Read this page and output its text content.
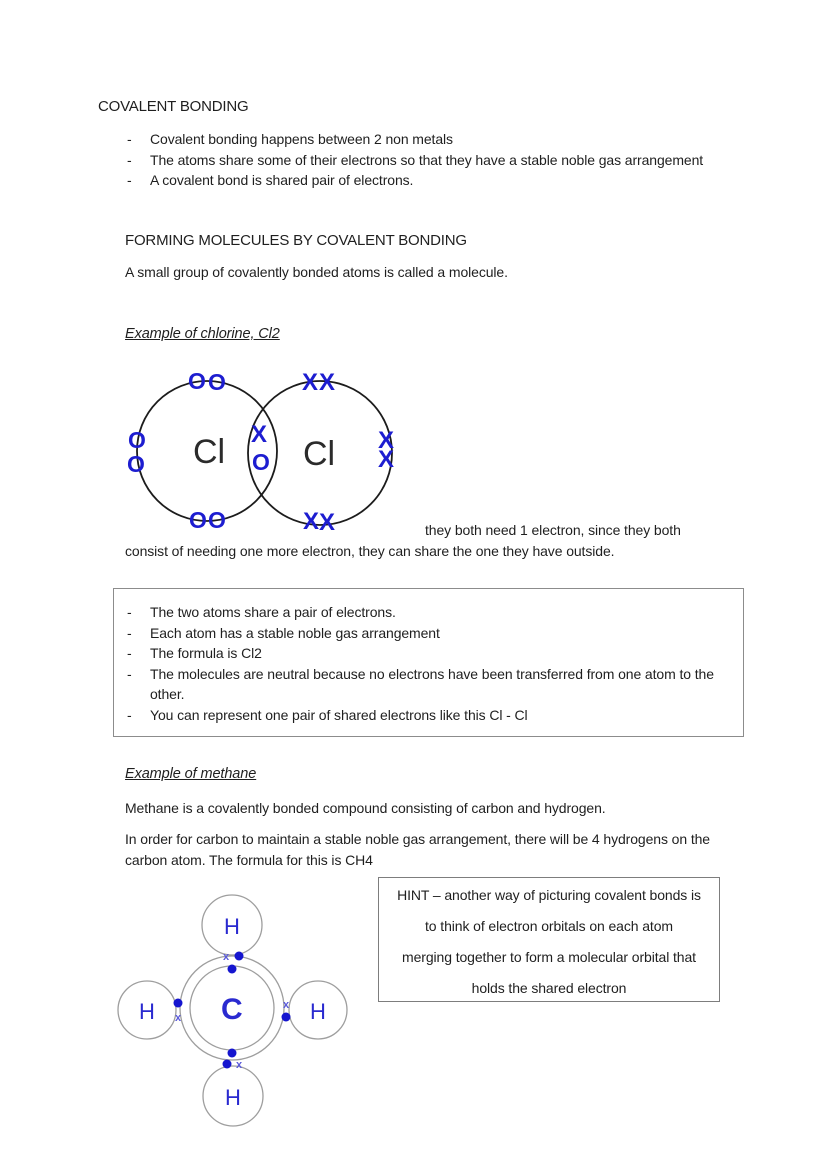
COVALENT BONDING
-	Covalent bonding happens between 2 non metals
-	The atoms share some of their electrons so that they have a stable noble gas arrangement
-	A covalent bond is shared pair of electrons.
FORMING MOLECULES BY COVALENT BONDING
A small group of covalently bonded atoms is called a molecule.
Example of chlorine, Cl2
Cl Cl
O O
O
O
O O
X X
X
X
X X
X
O
they both need 1 electron, since they both consist of needing one more electron, they can share the one they have outside.
-	The two atoms share a pair of electrons.
-	Each atom has a stable noble gas arrangement
-	The formula is Cl2
-	The molecules are neutral because no electrons have been transferred from one atom to the other.
-	You can represent one pair of shared electrons like this Cl - Cl
Example of methane
Methane is a covalently bonded compound consisting of carbon and hydrogen.
In order for carbon to maintain a stable noble gas arrangement, there will be 4 hydrogens on the carbon atom. The formula for this is CH4
H
H	H
H
C
x
x
x
x
HINT – another way of picturing covalent bonds is
to think of electron orbitals on each atom
merging together to form a molecular orbital that
holds the shared electron
